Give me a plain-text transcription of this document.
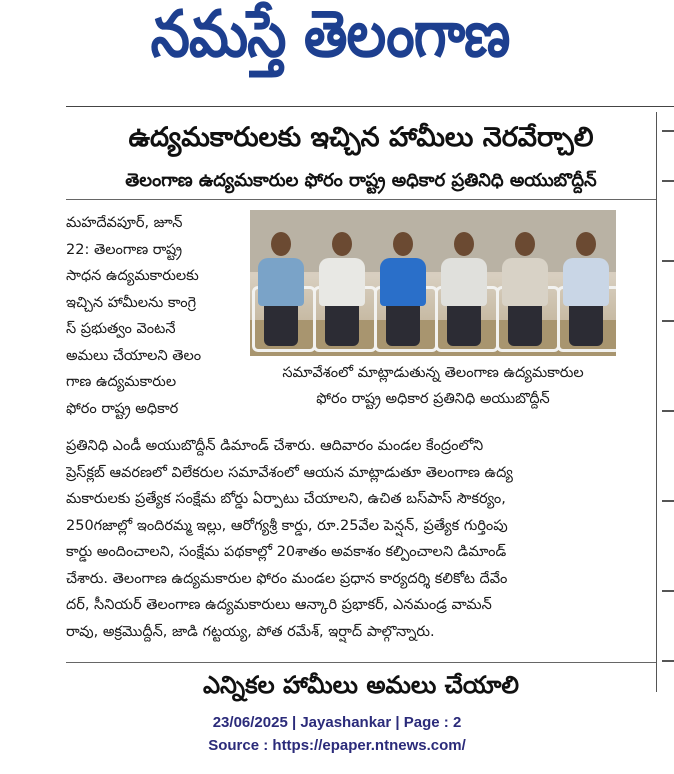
నమస్తే తెలంగాణ
ఉద్యమకారులకు ఇచ్చిన హామీలు నెరవేర్చాలి
తెలంగాణ ఉద్యమకారుల ఫోరం రాష్ట్ర అధికార ప్రతినిధి అయుబొద్దీన్
మహదేవపూర్, జూన్
22: తెలంగాణ రాష్ట్ర
సాధన ఉద్యమకారులకు
ఇచ్చిన హామీలను కాంగ్రె
స్ ప్రభుత్వం వెంటనే
అమలు చేయాలని తెలం
గాణ ఉద్యమకారుల
ఫోరం రాష్ట్ర అధికార
సమావేశంలో మాట్లాడుతున్న తెలంగాణ ఉద్యమకారుల
ఫోరం రాష్ట్ర అధికార ప్రతినిధి అయుబొద్దీన్
ప్రతినిధి ఎండీ అయుబొద్దీన్ డిమాండ్ చేశారు. ఆదివారం మండల కేంద్రంలోని
ప్రెస్‌క్లబ్ ఆవరణలో విలేకరుల సమావేశంలో ఆయన మాట్లాడుతూ తెలంగాణ ఉద్య
మకారులకు ప్రత్యేక సంక్షేమ బోర్డు ఏర్పాటు చేయాలని, ఉచిత బస్‌పాస్ సౌకర్యం,
250గజాల్లో ఇందిరమ్మ ఇల్లు, ఆరోగ్యశ్రీ కార్డు, రూ.25వేల పెన్షన్, ప్రత్యేక గుర్తింపు
కార్డు అందించాలని, సంక్షేమ పథకాల్లో 20శాతం అవకాశం కల్పించాలని డిమాండ్
చేశారు. తెలంగాణ ఉద్యమకారుల ఫోరం మండల ప్రధాన కార్యదర్శి కలికోట దేవేం
దర్, సీనియర్ తెలంగాణ ఉద్యమకారులు ఆన్కారి ప్రభాకర్, ఎనమండ్ర వామన్
రావు, అక్రమొద్దీన్, జాడి గట్టయ్య, పోత రమేశ్, ఇర్షాద్ పాల్గొన్నారు.
ఎన్నికల హామీలు అమలు చేయాలి
23/06/2025 | Jayashankar | Page : 2
Source : https://epaper.ntnews.com/
